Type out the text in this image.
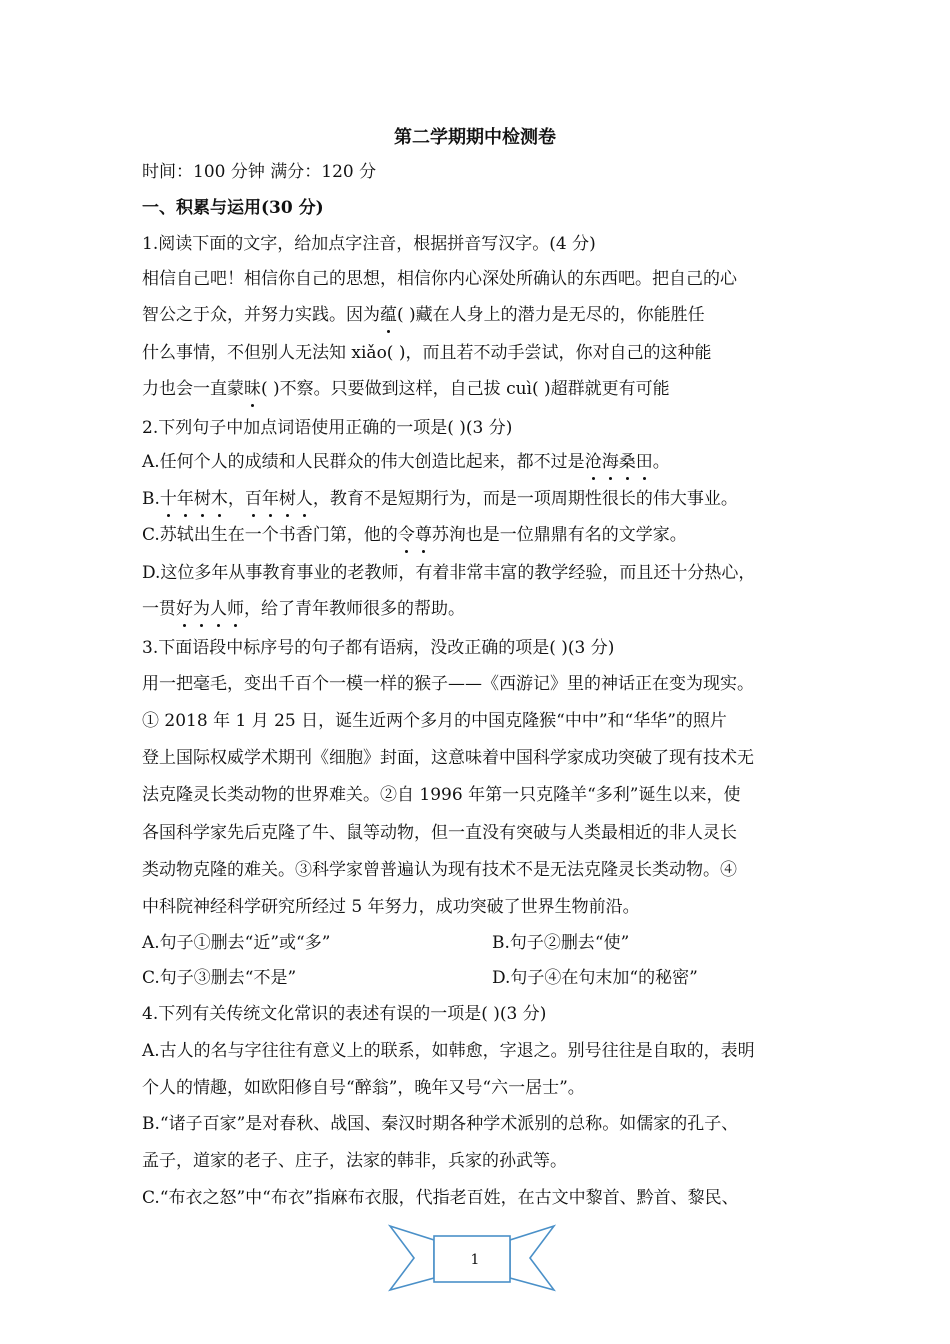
第二学期期中检测卷
时间：100 分钟 满分：120 分
一、积累与运用(30 分)
1.阅读下面的文字，给加点字注音，根据拼音写汉字。(4 分)
相信自己吧！相信你自己的思想，相信你内心深处所确认的东西吧。把自己的心
智公之于众，并努力实践。因为蕴( )藏在人身上的潜力是无尽的，你能胜任
什么事情，不但别人无法知 xiǎo( )，而且若不动手尝试，你对自己的这种能
力也会一直蒙昧( )不察。只要做到这样，自己拔 cuì( )超群就更有可能
2.下列句子中加点词语使用正确的一项是( )(3 分)
A.任何个人的成绩和人民群众的伟大创造比起来，都不过是沧海桑田。
B.十年树木，百年树人，教育不是短期行为，而是一项周期性很长的伟大事业。
C.苏轼出生在一个书香门第，他的令尊苏洵也是一位鼎鼎有名的文学家。
D.这位多年从事教育事业的老教师，有着非常丰富的教学经验，而且还十分热心，
一贯好为人师，给了青年教师很多的帮助。
3.下面语段中标序号的句子都有语病，没改正确的项是( )(3 分)
用一把毫毛，变出千百个一模一样的猴子——《西游记》里的神话正在变为现实。
① 2018 年 1 月 25 日，诞生近两个多月的中国克隆猴“中中”和“华华”的照片
登上国际权威学术期刊《细胞》封面，这意味着中国科学家成功突破了现有技术无
法克隆灵长类动物的世界难关。②自 1996 年第一只克隆羊“多利”诞生以来，使
各国科学家先后克隆了牛、鼠等动物，但一直没有突破与人类最相近的非人灵长
类动物克隆的难关。③科学家曾普遍认为现有技术不是无法克隆灵长类动物。④
中科院神经科学研究所经过 5 年努力，成功突破了世界生物前沿。
A.句子①删去“近”或“多”	B.句子②删去“使”
C.句子③删去“不是”	D.句子④在句末加“的秘密”
4.下列有关传统文化常识的表述有误的一项是( )(3 分)
A.古人的名与字往往有意义上的联系，如韩愈，字退之。别号往往是自取的，表明
个人的情趣，如欧阳修自号“醉翁”，晚年又号“六一居士”。
B.“诸子百家”是对春秋、战国、秦汉时期各种学术派别的总称。如儒家的孔子、
孟子，道家的老子、庄子，法家的韩非，兵家的孙武等。
C.“布衣之怒”中“布衣”指麻布衣服，代指老百姓，在古文中黎首、黔首、黎民、
1
